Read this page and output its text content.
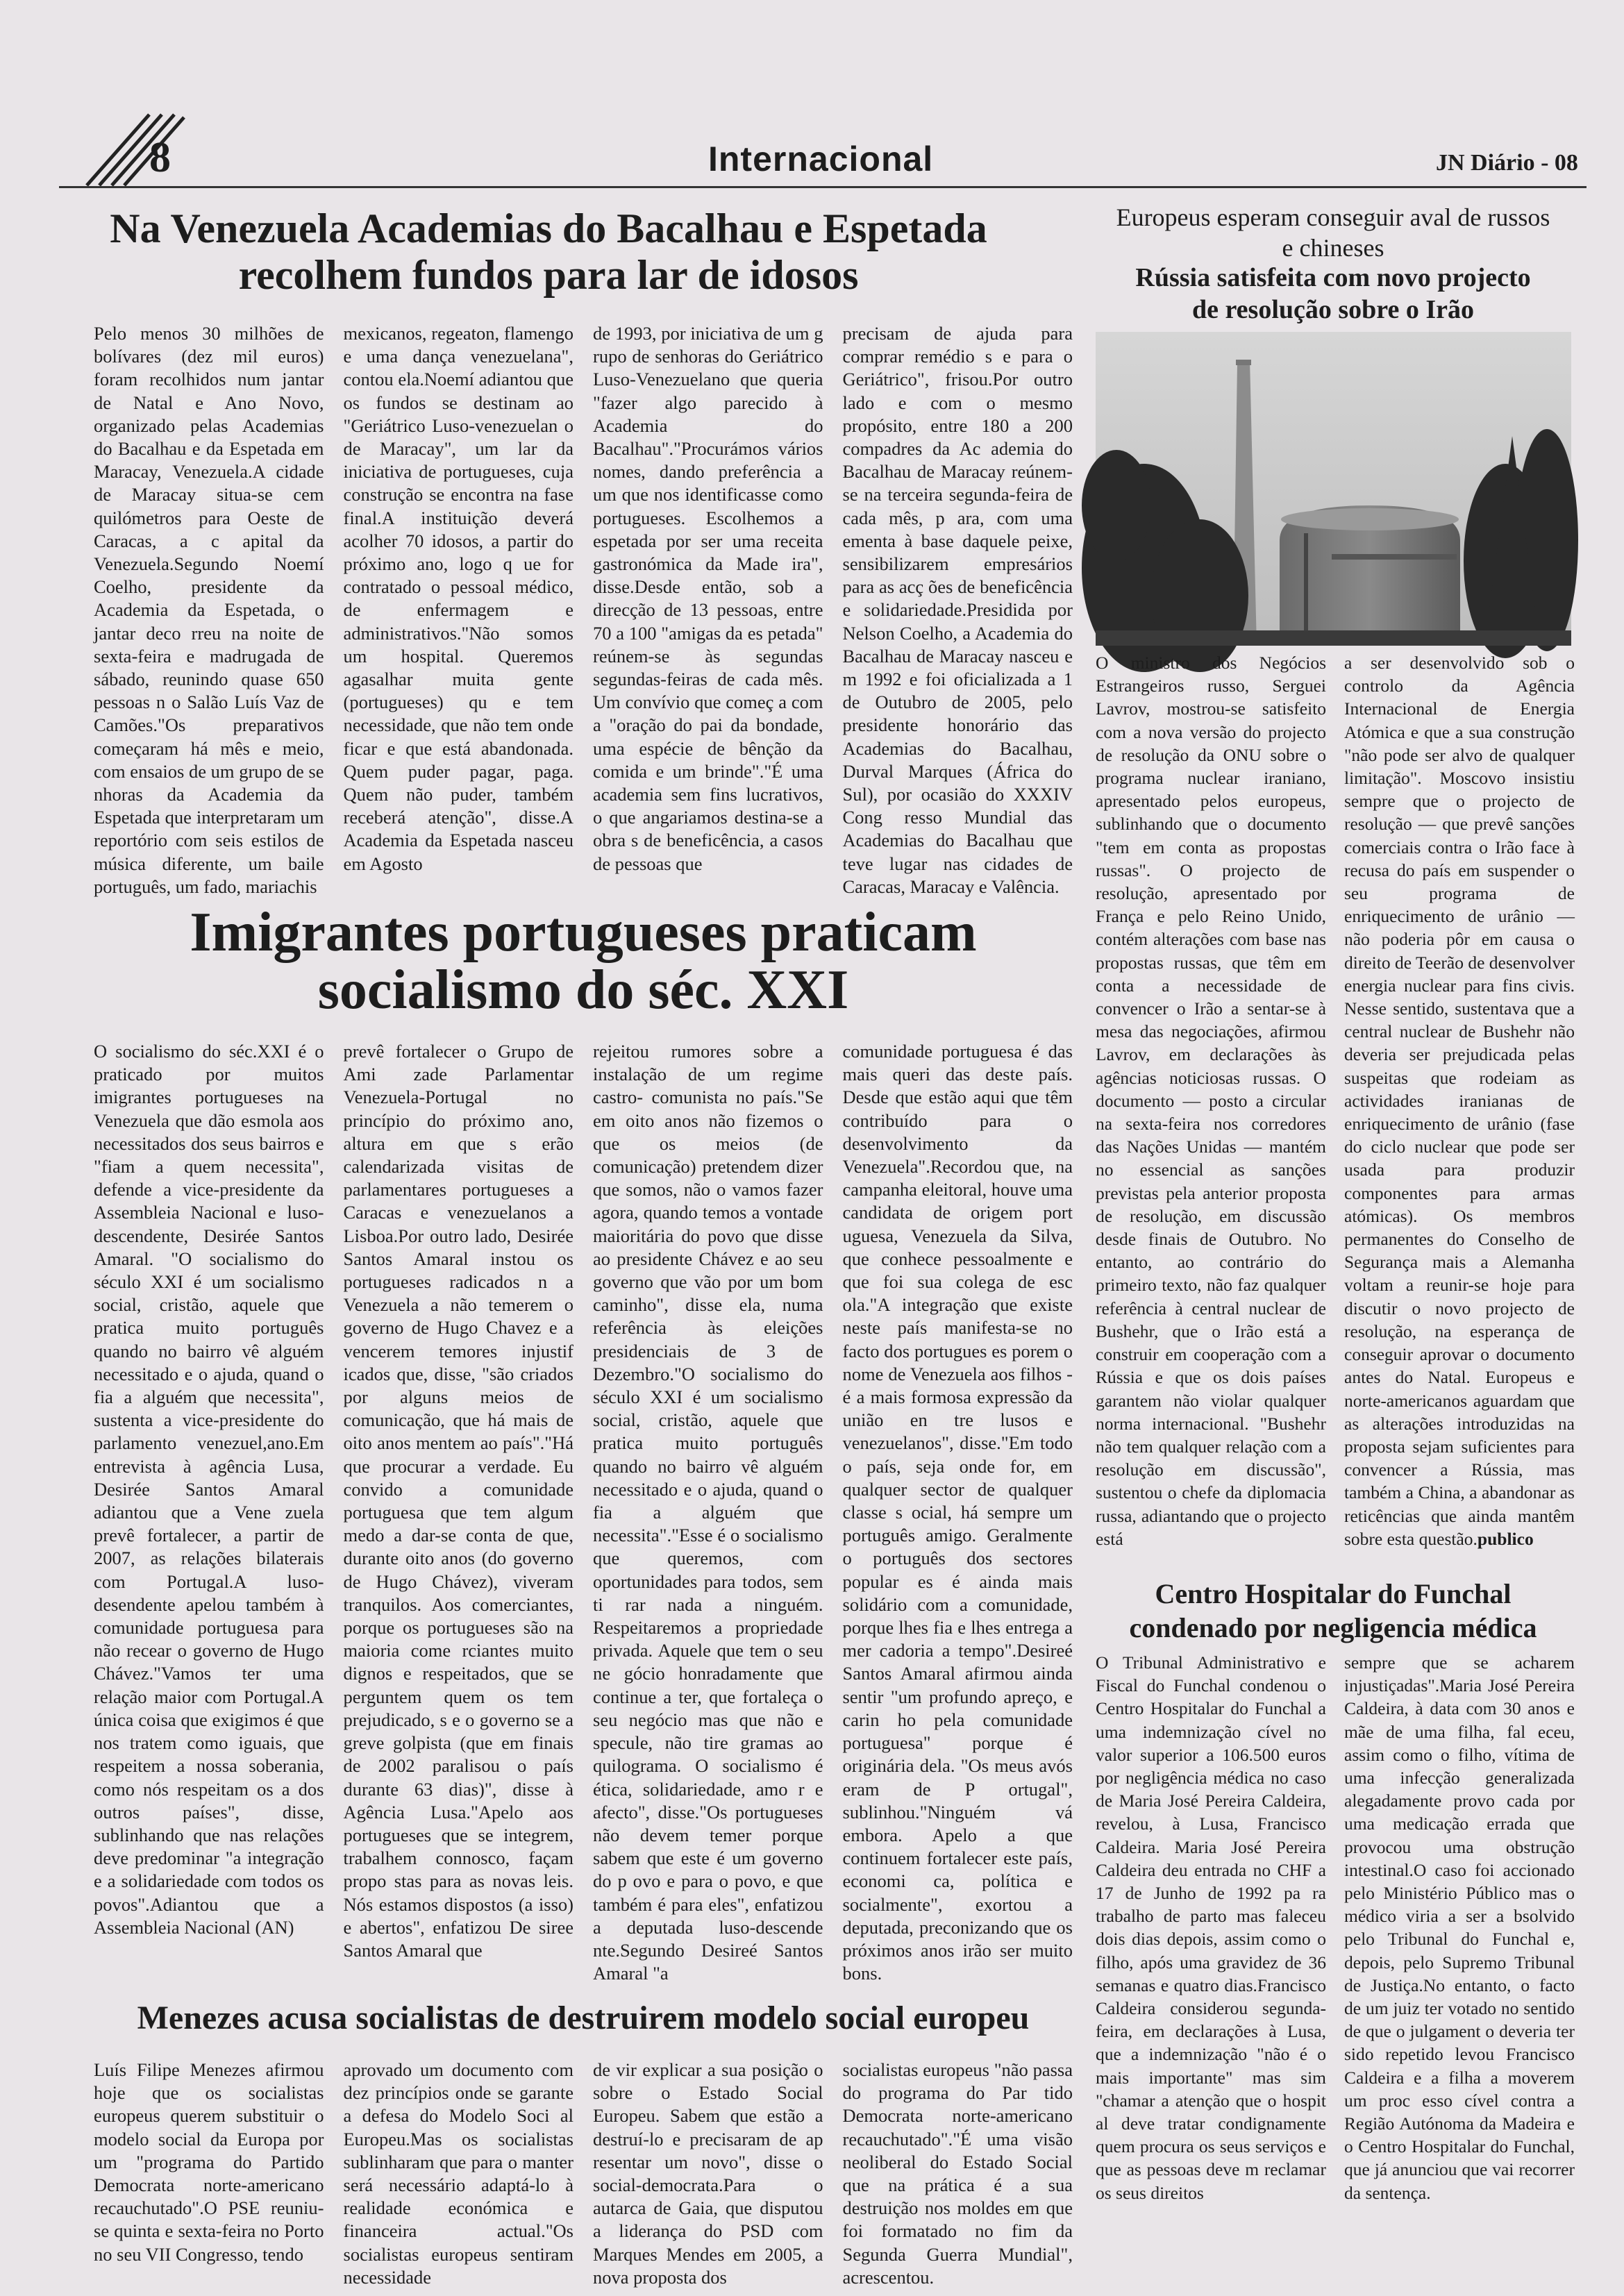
8	Internacional	JN Diário - 08
Na Venezuela Academias do Bacalhau e Espetada
recolhem fundos para lar de idosos
Pelo menos 30 milhões de bolívares (dez mil euros) foram recolhidos num jantar de Natal e Ano Novo, organizado pelas Academias do Bacalhau e da Espetada em Maracay, Venezuela.A cidade de Maracay situa-se cem quilómetros para Oeste de Caracas, a c apital da Venezuela.Segundo Noemí Coelho, presidente da Academia da Espetada, o jantar deco rreu na noite de sexta-feira e madrugada de sábado, reunindo quase 650 pessoas n o Salão Luís Vaz de Camões."Os preparativos começaram há mês e meio, com ensaios de um grupo de se nhoras da Academia da Espetada que interpretaram um reportório com seis estilos de música diferente, um baile português, um fado, mariachis
mexicanos, regeaton, flamengo e uma dança venezuelana", contou ela.Noemí adiantou que os fundos se destinam ao "Geriátrico Luso-venezuelan o de Maracay", um lar da iniciativa de portugueses, cuja construção se encontra na fase final.A instituição deverá acolher 70 idosos, a partir do próximo ano, logo q ue for contratado o pessoal médico, de enfermagem e administrativos."Não somos um hospital. Queremos agasalhar muita gente (portugueses) qu e tem necessidade, que não tem onde ficar e que está abandonada. Quem puder pagar, paga. Quem não puder, também receberá atenção", disse.A Academia da Espetada nasceu em Agosto
de 1993, por iniciativa de um g rupo de senhoras do Geriátrico Luso-Venezuelano que queria "fazer algo parecido à Academia do Bacalhau"."Procurámos vários nomes, dando preferência a um que nos identificasse como portugueses. Escolhemos a espetada por ser uma receita gastronómica da Made ira", disse.Desde então, sob a direcção de 13 pessoas, entre 70 a 100 "amigas da es petada" reúnem-se às segundas segundas-feiras de cada mês. Um convívio que começ a com a "oração do pai da bondade, uma espécie de bênção da comida e um brinde"."É uma academia sem fins lucrativos, o que angariamos destina-se a obra s de beneficência, a casos de pessoas que
precisam de ajuda para comprar remédio s e para o Geriátrico", frisou.Por outro lado e com o mesmo propósito, entre 180 a 200 compadres da Ac ademia do Bacalhau de Maracay reúnem-se na terceira segunda-feira de cada mês, p ara, com uma ementa à base daquele peixe, sensibilizarem empresários para as acç ões de beneficência e solidariedade.Presidida por Nelson Coelho, a Academia do Bacalhau de Maracay nasceu e m 1992 e foi oficializada a 1 de Outubro de 2005, pelo presidente honorário das Academias do Bacalhau, Durval Marques (África do Sul), por ocasião do XXXIV Cong resso Mundial das Academias do Bacalhau que teve lugar nas cidades de Caracas, Maracay e Valência.
Imigrantes portugueses praticam
socialismo do séc. XXI
O socialismo do séc.XXI é o praticado por muitos imigrantes portugueses na Venezuela que dão esmola aos necessitados dos seus bairros e "fiam a quem necessita", defende a vice-presidente da Assembleia Nacional e luso-descendente, Desirée Santos Amaral. "O socialismo do século XXI é um socialismo social, cristão, aquele que pratica muito português quando no bairro vê alguém necessitado e o ajuda, quand o fia a alguém que necessita", sustenta a vice-presidente do parlamento venezuel,ano.Em entrevista à agência Lusa, Desirée Santos Amaral adiantou que a Vene zuela prevê fortalecer, a partir de 2007, as relações bilaterais com Portugal.A luso-desendente apelou também à comunidade portuguesa para não recear o governo de Hugo Chávez."Vamos ter uma relação maior com Portugal.A única coisa que exigimos é que nos tratem como iguais, que respeitem a nossa soberania, como nós respeitam os a dos outros países", disse, sublinhando que nas relações deve predominar "a integração e a solidariedade com todos os povos".Adiantou que a Assembleia Nacional (AN)
prevê fortalecer o Grupo de Ami zade Parlamentar Venezuela-Portugal no princípio do próximo ano, altura em que s erão calendarizada visitas de parlamentares portugueses a Caracas e venezuelanos a Lisboa.Por outro lado, Desirée Santos Amaral instou os portugueses radicados n a Venezuela a não temerem o governo de Hugo Chavez e a vencerem temores injustif icados que, disse, "são criados por alguns meios de comunicação, que há mais de oito anos mentem ao país"."Há que procurar a verdade. Eu convido a comunidade portuguesa que tem algum medo a dar-se conta de que, durante oito anos (do governo de Hugo Chávez), viveram tranquilos. Aos comerciantes, porque os portugueses são na maioria come rciantes muito dignos e respeitados, que se perguntem quem os tem prejudicado, s e o governo se a greve golpista (que em finais de 2002 paralisou o país durante 63 dias)", disse à Agência Lusa."Apelo aos portugueses que se integrem, trabalhem connosco, façam propo stas para as novas leis. Nós estamos dispostos (a isso) e abertos", enfatizou De siree Santos Amaral que
rejeitou rumores sobre a instalação de um regime castro- comunista no país."Se em oito anos não fizemos o que os meios (de comunicação) pretendem dizer que somos, não o vamos fazer agora, quando temos a vontade maioritária do povo que disse ao presidente Chávez e ao seu governo que vão por um bom caminho", disse ela, numa referência às eleições presidenciais de 3 de Dezembro."O socialismo do século XXI é um socialismo social, cristão, aquele que pratica muito português quando no bairro vê alguém necessitado e o ajuda, quand o fia a alguém que necessita"."Esse é o socialismo que queremos, com oportunidades para todos, sem ti rar nada a ninguém. Respeitaremos a propriedade privada. Aquele que tem o seu ne gócio honradamente que continue a ter, que fortaleça o seu negócio mas que não e specule, não tire gramas ao quilograma. O socialismo é ética, solidariedade, amo r e afecto", disse."Os portugueses não devem temer porque sabem que este é um governo do p ovo e para o povo, e que também é para eles", enfatizou a deputada luso-descende nte.Segundo Desireé Santos Amaral "a
comunidade portuguesa é das mais queri das deste país. Desde que estão aqui que têm contribuído para o desenvolvimento da Venezuela".Recordou que, na campanha eleitoral, houve uma candidata de origem port uguesa, Venezuela da Silva, que conhece pessoalmente e que foi sua colega de esc ola."A integração que existe neste país manifesta-se no facto dos portugues es porem o nome de Venezuela aos filhos - é a mais formosa expressão da união en tre lusos e venezuelanos", disse."Em todo o país, seja onde for, em qualquer sector de qualquer classe s ocial, há sempre um português amigo. Geralmente o português dos sectores popular es é ainda mais solidário com a comunidade, porque lhes fia e lhes entrega a mer cadoria a tempo".Desireé Santos Amaral afirmou ainda sentir "um profundo apreço, e carin ho pela comunidade portuguesa" porque é originária dela. "Os meus avós eram de P ortugal", sublinhou."Ninguém vá embora. Apelo a que continuem fortalecer este país, economi ca, política e socialmente", exortou a deputada, preconizando que os próximos anos irão ser muito bons.
Menezes acusa socialistas de destruirem modelo social europeu
Luís Filipe Menezes afirmou hoje que os socialistas europeus querem substituir o modelo social da Europa por um "programa do Partido Democrata norte-americano recauchutado".O PSE reuniu-se quinta e sexta-feira no Porto no seu VII Congresso, tendo
aprovado um documento com dez princípios onde se garante a defesa do Modelo Soci al Europeu.Mas os socialistas sublinharam que para o manter será necessário adaptá-lo à realidade económica e financeira actual."Os socialistas europeus sentiram necessidade
de vir explicar a sua posição o sobre o Estado Social Europeu. Sabem que estão a destruí-lo e precisaram de ap resentar um novo", disse o social-democrata.Para o autarca de Gaia, que disputou a liderança do PSD com Marques Mendes em 2005, a nova proposta dos
socialistas europeus "não passa do programa do Par tido Democrata norte-americano recauchutado"."É uma visão neoliberal do Estado Social que na prática é a sua destruição nos moldes em que foi formatado no fim da Segunda Guerra Mundial", acrescentou.
Europeus esperam conseguir aval de russos
e chineses
Rússia satisfeita com novo projecto
de resolução sobre o Irão
O ministro dos Negócios Estrangeiros russo, Serguei Lavrov, mostrou-se satisfeito com a nova versão do projecto de resolução da ONU sobre o programa nuclear iraniano, apresentado pelos europeus, sublinhando que o documento "tem em conta as propostas russas". O projecto de resolução, apresentado por França e pelo Reino Unido, contém alterações com base nas propostas russas, que têm em conta a necessidade de convencer o Irão a sentar-se à mesa das negociações, afirmou Lavrov, em declarações às agências noticiosas russas. O documento — posto a circular na sexta-feira nos corredores das Nações Unidas — mantém no essencial as sanções previstas pela anterior proposta de resolução, em discussão desde finais de Outubro. No entanto, ao contrário do primeiro texto, não faz qualquer referência à central nuclear de Bushehr, que o Irão está a construir em cooperação com a Rússia e que os dois países garantem não violar qualquer norma internacional. "Bushehr não tem qualquer relação com a resolução em discussão", sustentou o chefe da diplomacia russa, adiantando que o projecto está
a ser desenvolvido sob o controlo da Agência Internacional de Energia Atómica e que a sua construção "não pode ser alvo de qualquer limitação". Moscovo insistiu sempre que o projecto de resolução — que prevê sanções comerciais contra o Irão face à recusa do país em suspender o seu programa de enriquecimento de urânio — não poderia pôr em causa o direito de Teerão de desenvolver energia nuclear para fins civis. Nesse sentido, sustentava que a central nuclear de Bushehr não deveria ser prejudicada pelas suspeitas que rodeiam as actividades iranianas de enriquecimento de urânio (fase do ciclo nuclear que pode ser usada para produzir componentes para armas atómicas). Os membros permanentes do Conselho de Segurança mais a Alemanha voltam a reunir-se hoje para discutir o novo projecto de resolução, na esperança de conseguir aprovar o documento antes do Natal. Europeus e norte-americanos aguardam que as alterações introduzidas na proposta sejam suficientes para convencer a Rússia, mas também a China, a abandonar as reticências que ainda mantêm sobre esta questão.publico
Centro Hospitalar do Funchal
condenado por negligencia médica
O Tribunal Administrativo e Fiscal do Funchal condenou o Centro Hospitalar do Funchal a uma indemnização cível no valor superior a 106.500 euros por negligência médica no caso de Maria José Pereira Caldeira, revelou, à Lusa, Francisco Caldeira. Maria José Pereira Caldeira deu entrada no CHF a 17 de Junho de 1992 pa ra trabalho de parto mas faleceu dois dias depois, assim como o filho, após uma gravidez de 36 semanas e quatro dias.Francisco Caldeira considerou segunda-feira, em declarações à Lusa, que a indemnização "não é o mais importante" mas sim "chamar a atenção que o hospit al deve tratar condignamente quem procura os seus serviços e que as pessoas deve m reclamar os seus direitos
sempre que se acharem injustiçadas".Maria José Pereira Caldeira, à data com 30 anos e mãe de uma filha, fal eceu, assim como o filho, vítima de uma infecção generalizada alegadamente provo cada por uma medicação errada que provocou uma obstrução intestinal.O caso foi accionado pelo Ministério Público mas o médico viria a ser a bsolvido pelo Tribunal do Funchal e, depois, pelo Supremo Tribunal de Justiça.No entanto, o facto de um juiz ter votado no sentido de que o julgament o deveria ter sido repetido levou Francisco Caldeira e a filha a moverem um proc esso cível contra a Região Autónoma da Madeira e o Centro Hospitalar do Funchal, que já anunciou que vai recorrer da sentença.
